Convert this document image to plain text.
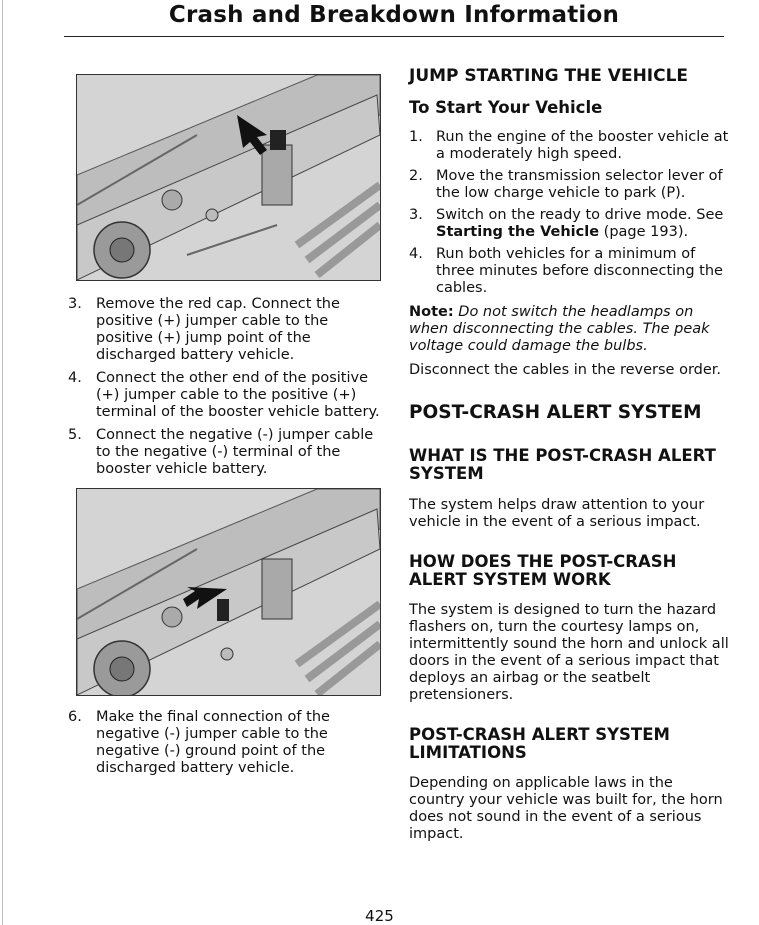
Crash and Breakdown Information
3. Remove the red cap. Connect the positive (+) jumper cable to the positive (+) jump point of the discharged battery vehicle.
4. Connect the other end of the positive (+) jumper cable to the positive (+) terminal of the booster vehicle battery.
5. Connect the negative (-) jumper cable to the negative (-) terminal of the booster vehicle battery.
6. Make the final connection of the negative (-) jumper cable to the negative (-) ground point of the discharged battery vehicle.
JUMP STARTING THE VEHICLE
To Start Your Vehicle
1. Run the engine of the booster vehicle at a moderately high speed.
2. Move the transmission selector lever of the low charge vehicle to park (P).
3. Switch on the ready to drive mode. See Starting the Vehicle (page 193).
4. Run both vehicles for a minimum of three minutes before disconnecting the cables.

Note: Do not switch the headlamps on when disconnecting the cables. The peak voltage could damage the bulbs.

Disconnect the cables in the reverse order.

POST-CRASH ALERT SYSTEM
WHAT IS THE POST-CRASH ALERT SYSTEM

The system helps draw attention to your vehicle in the event of a serious impact.

HOW DOES THE POST-CRASH ALERT SYSTEM WORK

The system is designed to turn the hazard flashers on, turn the courtesy lamps on, intermittently sound the horn and unlock all doors in the event of a serious impact that deploys an airbag or the seatbelt pretensioners.

POST-CRASH ALERT SYSTEM LIMITATIONS

Depending on applicable laws in the country your vehicle was built for, the horn does not sound in the event of a serious impact.

425
